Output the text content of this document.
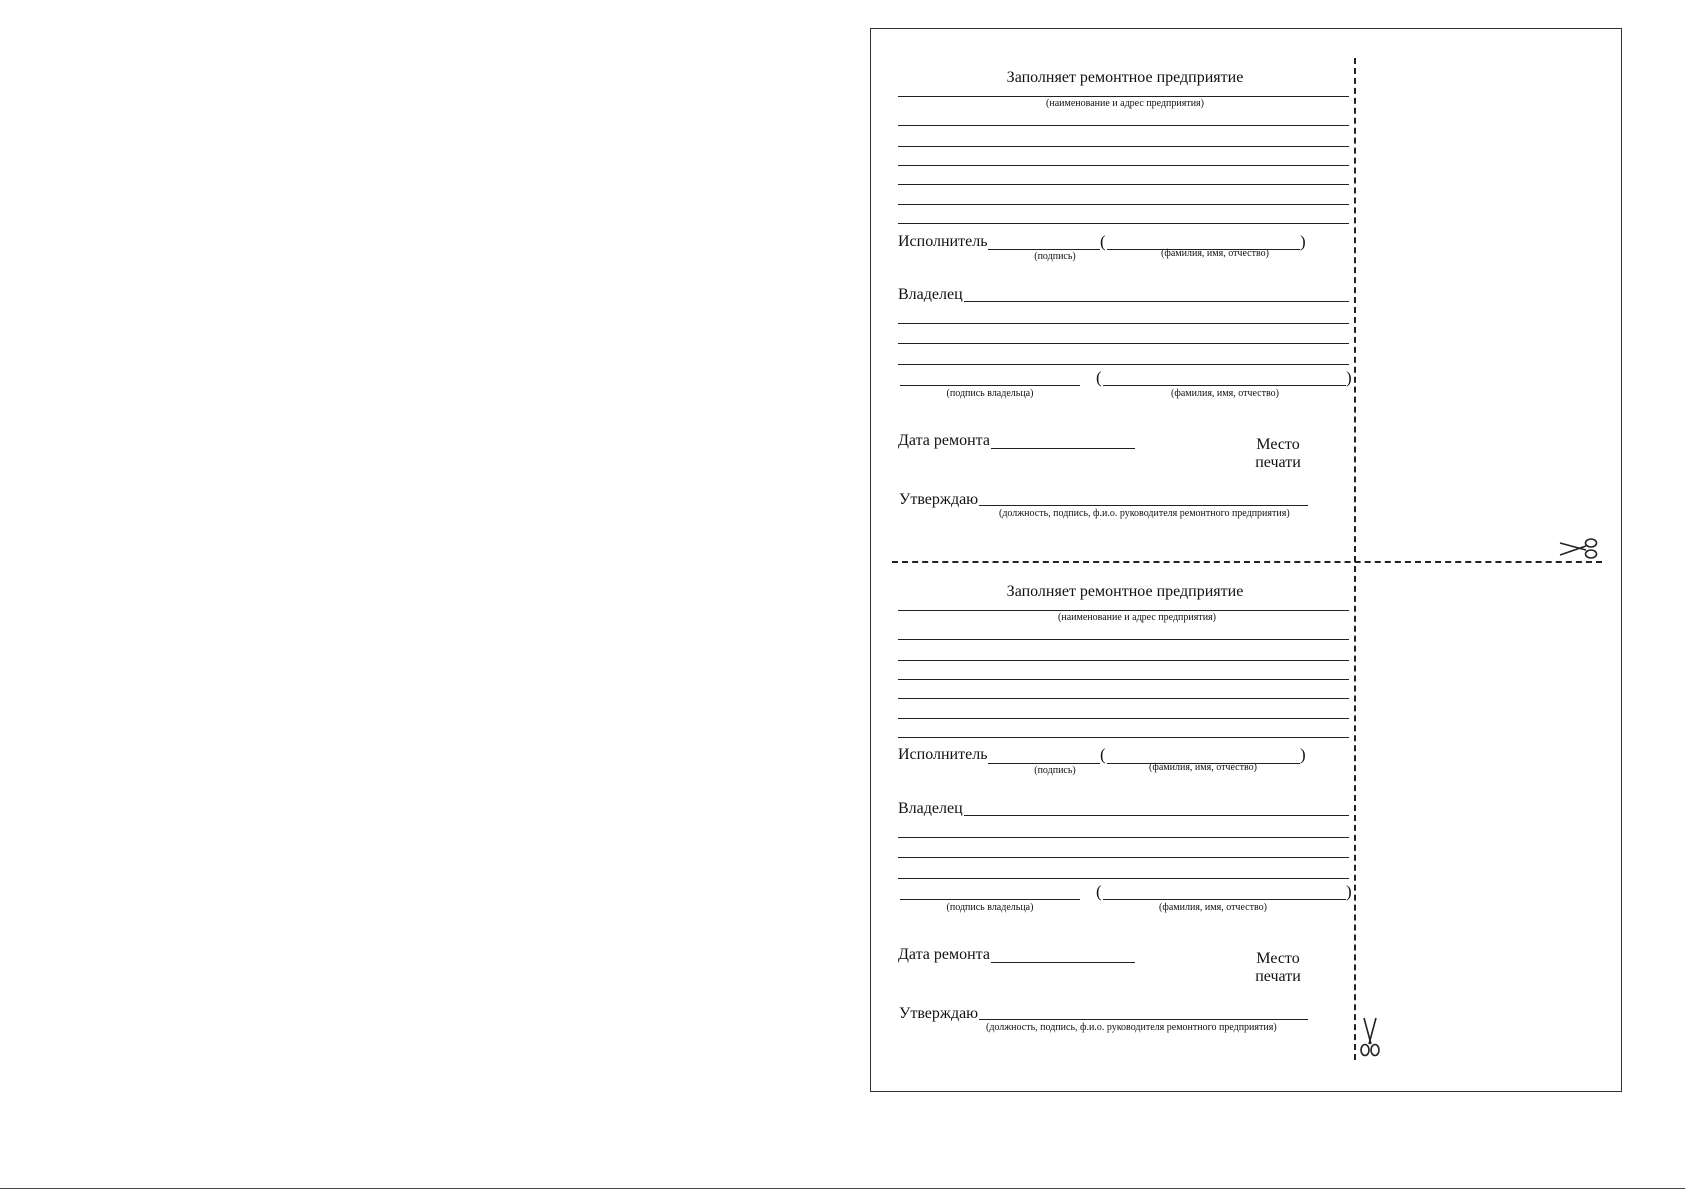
Заполняет ремонтное предприятие
(наименование и адрес предприятия)
Исполнитель	(	)
(подпись)	(фамилия, имя, отчество)
Владелец
(	)
(подпись владельца)	(фамилия, имя, отчество)
Дата ремонта	Место
печати
Утверждаю
(должность, подпись, ф.и.о. руководителя ремонтного предприятия)
Заполняет ремонтное предприятие
(наименование и адрес предприятия)
Исполнитель	(	)
(подпись)	(фамилия, имя, отчество)
Владелец
(	)
(подпись владельца)	(фамилия, имя, отчество)
Дата ремонта	Место
печати
Утверждаю
(должность, подпись, ф.и.о. руководителя ремонтного предприятия)
